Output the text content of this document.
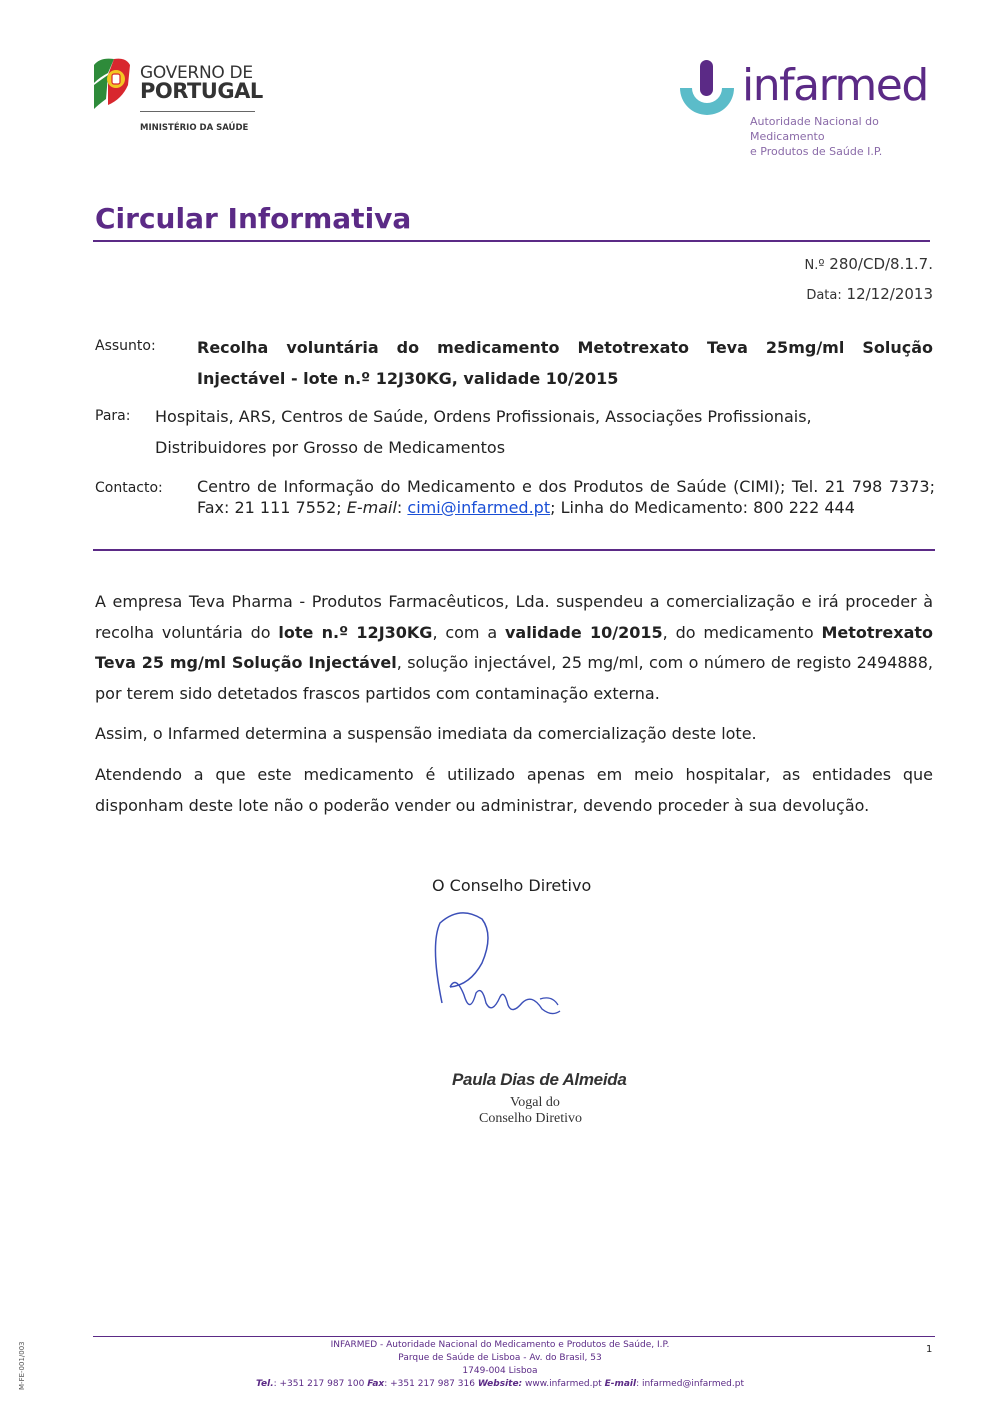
GOVERNO DE
PORTUGAL
MINISTÉRIO DA SAÚDE
infarmed
Autoridade Nacional do Medicamento
e Produtos de Saúde I.P.
Circular Informativa
N.º 280/CD/8.1.7.
Data: 12/12/2013
Assunto:	Recolha voluntária do medicamento Metotrexato Teva 25mg/ml Solução Injectável - lote n.º 12J30KG, validade 10/2015
Para: Hospitais, ARS, Centros de Saúde, Ordens Profissionais, Associações Profissionais,
Distribuidores por Grosso de Medicamentos
Contacto: Centro de Informação do Medicamento e dos Produtos de Saúde (CIMI); Tel. 21 798 7373; Fax: 21 111 7552; E-mail: cimi@infarmed.pt; Linha do Medicamento: 800 222 444

A empresa Teva Pharma - Produtos Farmacêuticos, Lda. suspendeu a comercialização e irá proceder à recolha voluntária do lote n.º 12J30KG, com a validade 10/2015, do medicamento Metotrexato Teva 25 mg/ml Solução Injectável, solução injectável, 25 mg/ml, com o número de registo 2494888, por terem sido detetados frascos partidos com contaminação externa.

Assim, o Infarmed determina a suspensão imediata da comercialização deste lote.

Atendendo a que este medicamento é utilizado apenas em meio hospitalar, as entidades que disponham deste lote não o poderão vender ou administrar, devendo proceder à sua devolução.

O Conselho Diretivo
Paula Dias de Almeida
Vogal do
Conselho Diretivo
INFARMED - Autoridade Nacional do Medicamento e Produtos de Saúde, I.P.
Parque de Saúde de Lisboa - Av. do Brasil, 53
1749-004 Lisboa
Tel.: +351 217 987 100 Fax: +351 217 987 316 Website: www.infarmed.pt E-mail: infarmed@infarmed.pt
1
M-FE-001/003
